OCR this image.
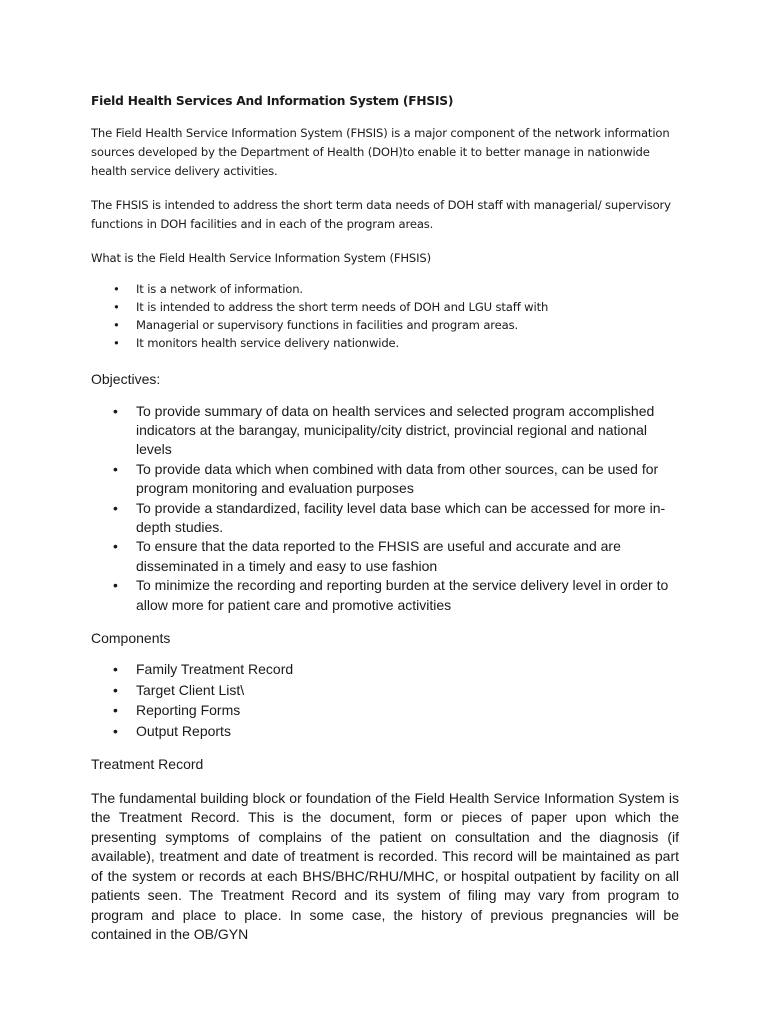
Field Health Services And Information System (FHSIS)

The Field Health Service Information System (FHSIS) is a major component of the network information sources developed by the Department of Health (DOH)to enable it to better manage in nationwide health service delivery activities.

The FHSIS is intended to address the short term data needs of DOH staff with managerial/ supervisory functions in DOH facilities and in each of the program areas.

What is the Field Health Service Information System (FHSIS)

• It is a network of information.
• It is intended to address the short term needs of DOH and LGU staff with
• Managerial or supervisory functions in facilities and program areas.
• It monitors health service delivery nationwide.

Objectives:

• To provide summary of data on health services and selected program accomplished indicators at the barangay, municipality/city district, provincial regional and national levels
• To provide data which when combined with data from other sources, can be used for program monitoring and evaluation purposes
• To provide a standardized, facility level data base which can be accessed for more in-depth studies.
• To ensure that the data reported to the FHSIS are useful and accurate and are disseminated in a timely and easy to use fashion
• To minimize the recording and reporting burden at the service delivery level in order to allow more for patient care and promotive activities

Components

• Family Treatment Record
• Target Client List\
• Reporting Forms
• Output Reports

Treatment Record

The fundamental building block or foundation of the Field Health Service Information System is the Treatment Record. This is the document, form or pieces of paper upon which the presenting symptoms of complains of the patient on consultation and the diagnosis (if available), treatment and date of treatment is recorded. This record will be maintained as part of the system or records at each BHS/BHC/RHU/MHC, or hospital outpatient by facility on all patients seen. The Treatment Record and its system of filing may vary from program to program and place to place. In some case, the history of previous pregnancies will be contained in the OB/GYN
